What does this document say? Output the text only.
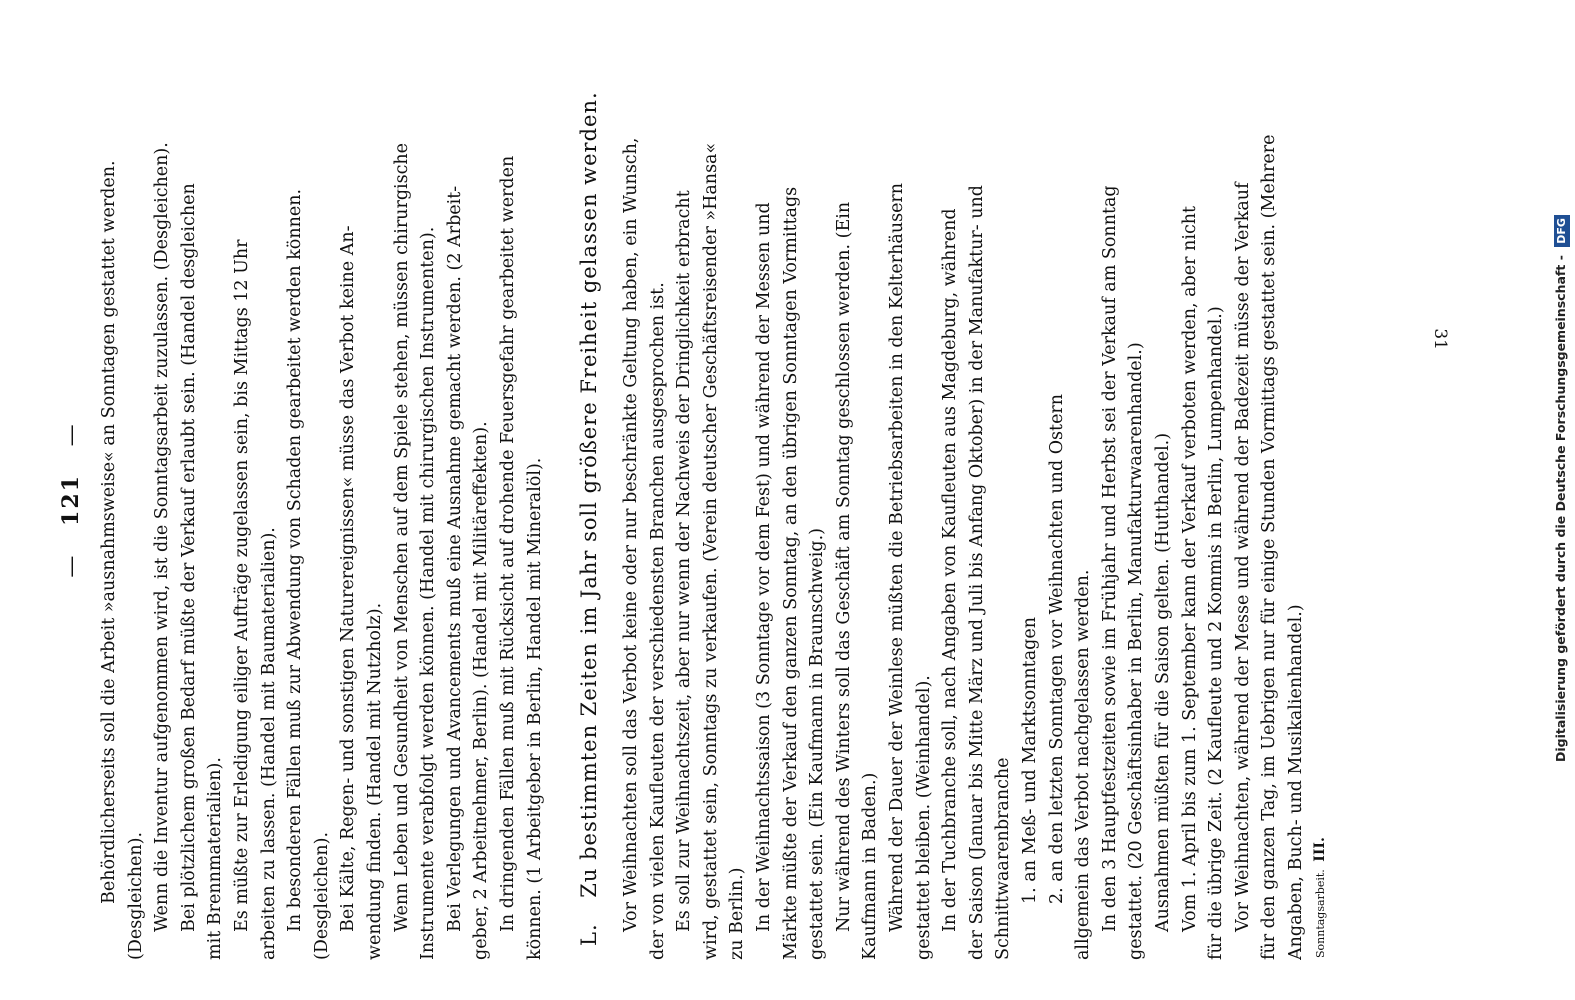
— 121 — Behördlicherseits soll die Arbeit »ausnahmsweise« an Sonntagen gestattet werden. (Desgleichen). Wenn die Inventur aufgenommen wird, ist die Sonntagsarbeit zuzulassen. (Desgleichen). Bei plötzlichem großen Bedarf müßte der Verkauf erlaubt sein. (Handel desgleichen mit Brennmaterialien). Es müßte zur Erledigung eiliger Aufträge zugelassen sein, bis Mittags 12 Uhr arbeiten zu lassen. (Handel mit Baumaterialien). In besonderen Fällen muß zur Abwendung von Schaden gearbeitet werden können. (Desgleichen). Bei Kälte, Regen- und sonstigen Naturereignissen« müsse das Verbot keine An- wendung finden. (Handel mit Nutzholz). Wenn Leben und Gesundheit von Menschen auf dem Spiele stehen, müssen chirurgische Instrumente verabfolgt werden können. (Handel mit chirurgischen Instrumenten). Bei Verlegungen und Avancements muß eine Ausnahme gemacht werden. (2 Arbeit- geber, 2 Arbeitnehmer, Berlin). (Handel mit Militäreffekten). In dringenden Fällen muß mit Rücksicht auf drohende Feuersgefahr gearbeitet werden können. (1 Arbeitgeber in Berlin, Handel mit Mineralöl). L. Zu bestimmten Zeiten im Jahr soll größere Freiheit gelassen werden. Vor Weihnachten soll das Verbot keine oder nur beschränkte Geltung haben, ein Wunsch, der von vielen Kaufleuten der verschiedensten Branchen ausgesprochen ist. Es soll zur Weihnachtszeit, aber nur wenn der Nachweis der Dringlichkeit erbracht wird, gestattet sein, Sonntags zu verkaufen. (Verein deutscher Geschäftsreisender »Hansa« zu Berlin.) In der Weihnachtssaison (3 Sonntage vor dem Fest) und während der Messen und Märkte müßte der Verkauf den ganzen Sonntag, an den übrigen Sonntagen Vormittags gestattet sein. (Ein Kaufmann in Braunschweig.) Nur während des Winters soll das Geschäft am Sonntag geschlossen werden. (Ein Kaufmann in Baden.) Während der Dauer der Weinlese müßten die Betriebsarbeiten in den Kelterhäusern gestattet bleiben. (Weinhandel). In der Tuchbranche soll, nach Angaben von Kaufleuten aus Magdeburg, während der Saison (Januar bis Mitte März und Juli bis Anfang Oktober) in der Manufaktur- und Schnittwaarenbranche 1. an Meß- und Marktsonntagen 2. an den letzten Sonntagen vor Weihnachten und Ostern allgemein das Verbot nachgelassen werden. In den 3 Hauptfestzeiten sowie im Frühjahr und Herbst sei der Verkauf am Sonntag gestattet. (20 Geschäftsinhaber in Berlin, Manufakturwaarenhandel.) Ausnahmen müßten für die Saison gelten. (Hutthandel.) Vom 1. April bis zum 1. September kann der Verkauf verboten werden, aber nicht für die übrige Zeit. (2 Kaufleute und 2 Kommis in Berlin, Lumpenhandel.) Vor Weihnachten, während der Messe und während der Badezeit müsse der Verkauf für den ganzen Tag, im Uebrigen nur für einige Stunden Vormittags gestattet sein. (Mehrere Angaben, Buch- und Musikalienhandel.) Sonntagsarbeit. III.
31	Digitalisierung gefördert durch die Deutsche Forschungsgemeinschaft - DFG
